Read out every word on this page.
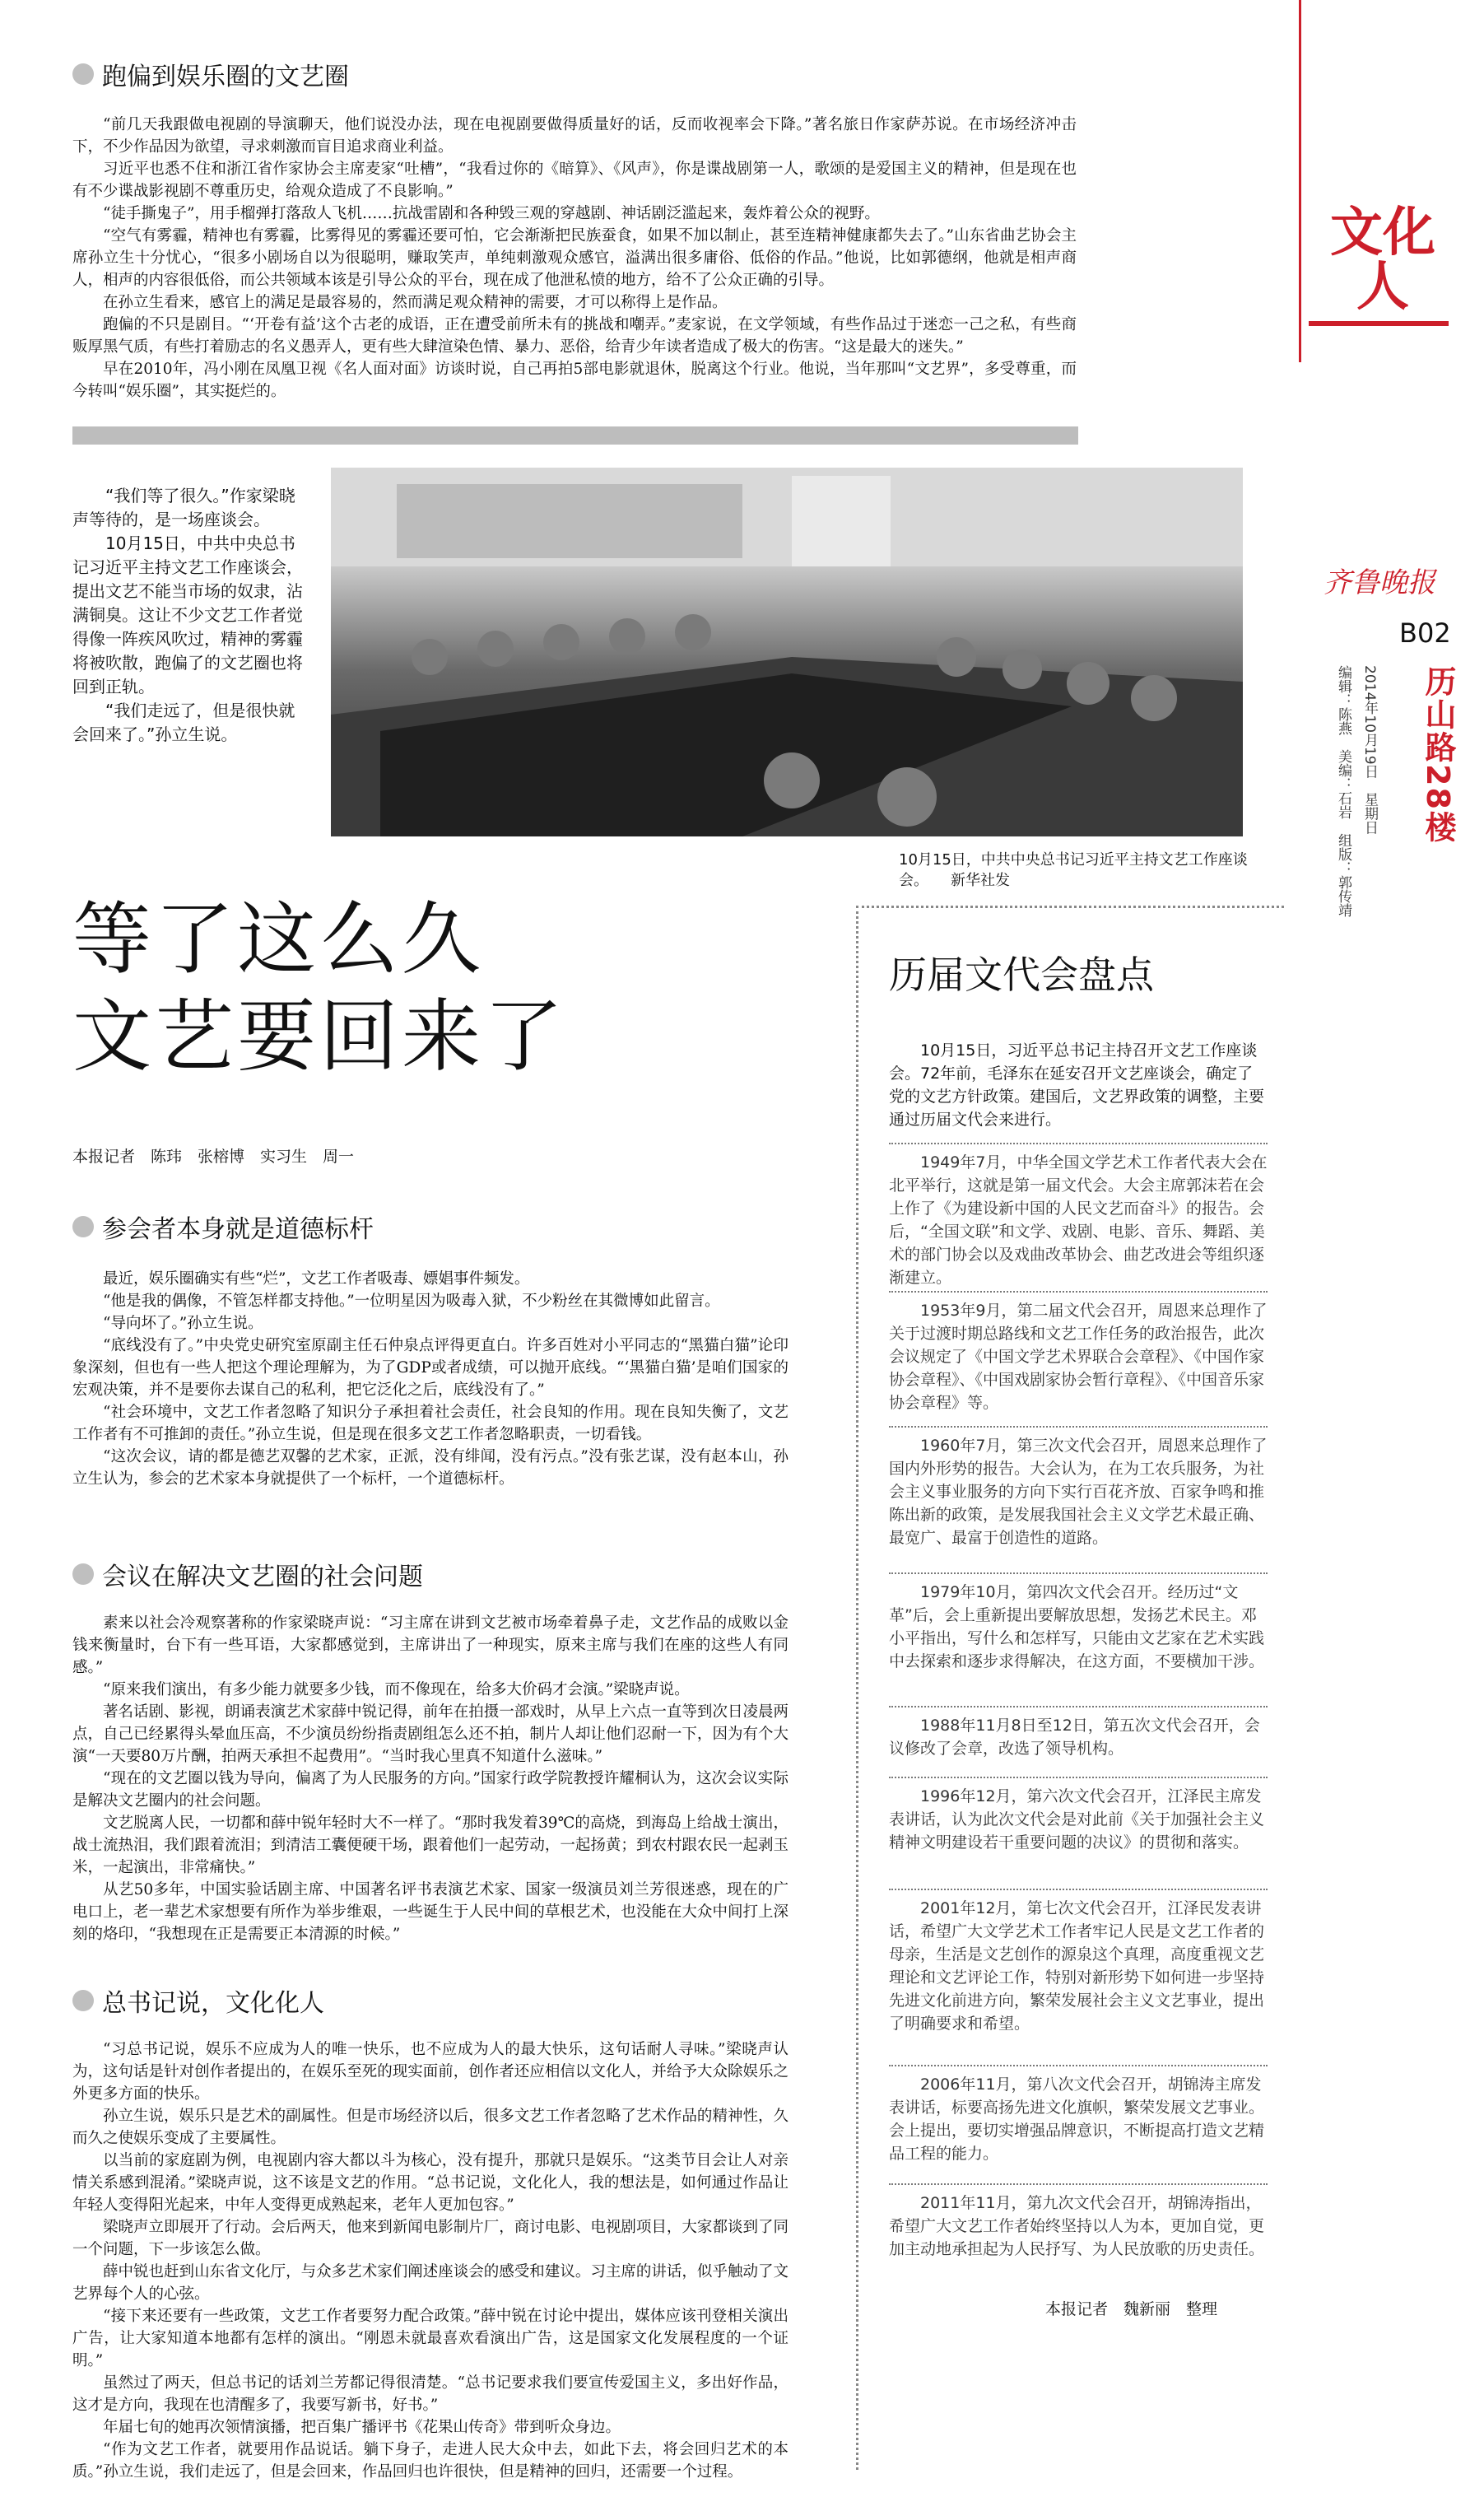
跑偏到娱乐圈的文艺圈

“前几天我跟做电视剧的导演聊天，他们说没办法，现在电视剧要做得质量好的话，反而收视率会下降。”著名旅日作家萨苏说。在市场经济冲击下，不少作品因为欲望，寻求刺激而盲目追求商业利益。

习近平也悉不住和浙江省作家协会主席麦家“吐槽”，“我看过你的《暗算》、《风声》，你是谍战剧第一人，歌颂的是爱国主义的精神，但是现在也有不少谍战影视剧不尊重历史，给观众造成了不良影响。”

“徒手撕鬼子”，用手榴弹打落敌人飞机……抗战雷剧和各种毁三观的穿越剧、神话剧泛滥起来，轰炸着公众的视野。

“空气有雾霾，精神也有雾霾，比雾得见的雾霾还要可怕，它会渐渐把民族蚕食，如果不加以制止，甚至连精神健康都失去了。”山东省曲艺协会主席孙立生十分忧心，“很多小剧场自以为很聪明，赚取笑声，单纯刺激观众感官，溢满出很多庸俗、低俗的作品。”他说，比如郭德纲，他就是相声商人，相声的内容很低俗，而公共领域本该是引导公众的平台，现在成了他泄私愤的地方，给不了公众正确的引导。

在孙立生看来，感官上的满足是最容易的，然而满足观众精神的需要，才可以称得上是作品。

跑偏的不只是剧目。“‘开卷有益’这个古老的成语，正在遭受前所未有的挑战和嘲弄。”麦家说，在文学领域，有些作品过于迷恋一己之私，有些商贩厚黑气质，有些打着励志的名义愚弄人，更有些大肆渲染色情、暴力、恶俗，给青少年读者造成了极大的伤害。“这是最大的迷失。”

早在2010年，冯小刚在凤凰卫视《名人面对面》访谈时说，自己再拍5部电影就退休，脱离这个行业。他说，当年那叫“文艺界”，多受尊重，而今转叫“娱乐圈”，其实挺烂的。

“我们等了很久。”作家梁晓声等待的，是一场座谈会。

10月15日，中共中央总书记习近平主持文艺工作座谈会，提出文艺不能当市场的奴隶，沾满铜臭。这让不少文艺工作者觉得像一阵疾风吹过，精神的雾霾将被吹散，跑偏了的文艺圈也将回到正轨。

“我们走远了，但是很快就会回来了。”孙立生说。

10月15日，中共中央总书记习近平主持文艺工作座谈会。　　新华社发
等了这么久
文艺要回来了
本报记者　陈玮　张榕博　实习生　周一
参会者本身就是道德标杆

最近，娱乐圈确实有些“烂”，文艺工作者吸毒、嫖娼事件频发。

“他是我的偶像，不管怎样都支持他。”一位明星因为吸毒入狱，不少粉丝在其微博如此留言。

“导向坏了。”孙立生说。

“底线没有了。”中央党史研究室原副主任石仲泉点评得更直白。许多百姓对小平同志的“黑猫白猫”论印象深刻，但也有一些人把这个理论理解为，为了GDP或者成绩，可以抛开底线。“‘黑猫白猫’是咱们国家的宏观决策，并不是要你去谋自己的私利，把它泛化之后，底线没有了。”

“社会环境中，文艺工作者忽略了知识分子承担着社会责任，社会良知的作用。现在良知失衡了，文艺工作者有不可推卸的责任。”孙立生说，但是现在很多文艺工作者忽略职责，一切看钱。

“这次会议，请的都是德艺双馨的艺术家，正派，没有绯闻，没有污点。”没有张艺谋，没有赵本山，孙立生认为，参会的艺术家本身就提供了一个标杆，一个道德标杆。

会议在解决文艺圈的社会问题

素来以社会冷观察著称的作家梁晓声说：“习主席在讲到文艺被市场牵着鼻子走，文艺作品的成败以金钱来衡量时，台下有一些耳语，大家都感觉到，主席讲出了一种现实，原来主席与我们在座的这些人有同感。”

“原来我们演出，有多少能力就要多少钱，而不像现在，给多大价码才会演。”梁晓声说。

著名话剧、影视，朗诵表演艺术家薛中锐记得，前年在拍摄一部戏时，从早上六点一直等到次日凌晨两点，自己已经累得头晕血压高，不少演员纷纷指责剧组怎么还不拍，制片人却让他们忍耐一下，因为有个大演“一天要80万片酬，拍两天承担不起费用”。“当时我心里真不知道什么滋味。”

“现在的文艺圈以钱为导向，偏离了为人民服务的方向。”国家行政学院教授许耀桐认为，这次会议实际是解决文艺圈内的社会问题。

文艺脱离人民，一切都和薛中锐年轻时大不一样了。“那时我发着39℃的高烧，到海岛上给战士演出，战士流热泪，我们跟着流泪；到清洁工囊便硬干场，跟着他们一起劳动，一起扬黄；到农村跟农民一起剥玉米，一起演出，非常痛快。”

从艺50多年，中国实验话剧主席、中国著名评书表演艺术家、国家一级演员刘兰芳很迷惑，现在的广电口上，老一辈艺术家想要有所作为举步维艰，一些诞生于人民中间的草根艺术，也没能在大众中间打上深刻的烙印，“我想现在正是需要正本清源的时候。”

总书记说，文化化人

“习总书记说，娱乐不应成为人的唯一快乐，也不应成为人的最大快乐，这句话耐人寻味。”梁晓声认为，这句话是针对创作者提出的，在娱乐至死的现实面前，创作者还应相信以文化人，并给予大众除娱乐之外更多方面的快乐。

孙立生说，娱乐只是艺术的副属性。但是市场经济以后，很多文艺工作者忽略了艺术作品的精神性，久而久之使娱乐变成了主要属性。

以当前的家庭剧为例，电视剧内容大都以斗为核心，没有提升，那就只是娱乐。“这类节目会让人对亲情关系感到混淆。”梁晓声说，这不该是文艺的作用。“总书记说，文化化人，我的想法是，如何通过作品让年轻人变得阳光起来，中年人变得更成熟起来，老年人更加包容。”

梁晓声立即展开了行动。会后两天，他来到新闻电影制片厂，商讨电影、电视剧项目，大家都谈到了同一个问题，下一步该怎么做。

薛中锐也赶到山东省文化厅，与众多艺术家们阐述座谈会的感受和建议。习主席的讲话，似乎触动了文艺界每个人的心弦。

“接下来还要有一些政策，文艺工作者要努力配合政策。”薛中锐在讨论中提出，媒体应该刊登相关演出广告，让大家知道本地都有怎样的演出。“刚恩未就最喜欢看演出广告，这是国家文化发展程度的一个证明。”

虽然过了两天，但总书记的话刘兰芳都记得很清楚。“总书记要求我们要宣传爱国主义，多出好作品，这才是方向，我现在也清醒多了，我要写新书，好书。”

年届七旬的她再次领情演播，把百集广播评书《花果山传奇》带到听众身边。

“作为文艺工作者，就要用作品说话。躺下身子，走进人民大众中去，如此下去，将会回归艺术的本质。”孙立生说，我们走远了，但是会回来，作品回归也许很快，但是精神的回归，还需要一个过程。

历届文代会盘点

10月15日，习近平总书记主持召开文艺工作座谈会。72年前，毛泽东在延安召开文艺座谈会，确定了党的文艺方针政策。建国后，文艺界政策的调整，主要通过历届文代会来进行。

1949年7月，中华全国文学艺术工作者代表大会在北平举行，这就是第一届文代会。大会主席郭沫若在会上作了《为建设新中国的人民文艺而奋斗》的报告。会后，“全国文联”和文学、戏剧、电影、音乐、舞蹈、美术的部门协会以及戏曲改革协会、曲艺改进会等组织逐渐建立。

1953年9月，第二届文代会召开，周恩来总理作了关于过渡时期总路线和文艺工作任务的政治报告，此次会议规定了《中国文学艺术界联合会章程》、《中国作家协会章程》、《中国戏剧家协会暂行章程》、《中国音乐家协会章程》等。

1960年7月，第三次文代会召开，周恩来总理作了国内外形势的报告。大会认为，在为工农兵服务，为社会主义事业服务的方向下实行百花齐放、百家争鸣和推陈出新的政策，是发展我国社会主义文学艺术最正确、最宽广、最富于创造性的道路。

1979年10月，第四次文代会召开。经历过“文革”后，会上重新提出要解放思想，发扬艺术民主。邓小平指出，写什么和怎样写，只能由文艺家在艺术实践中去探索和逐步求得解决，在这方面，不要横加干涉。

1988年11月8日至12日，第五次文代会召开，会议修改了会章，改选了领导机构。

1996年12月，第六次文代会召开，江泽民主席发表讲话，认为此次文代会是对此前《关于加强社会主义精神文明建设若干重要问题的决议》的贯彻和落实。

2001年12月，第七次文代会召开，江泽民发表讲话，希望广大文学艺术工作者牢记人民是文艺工作者的母亲，生活是文艺创作的源泉这个真理，高度重视文艺理论和文艺评论工作，特别对新形势下如何进一步坚持先进文化前进方向，繁荣发展社会主义文艺事业，提出了明确要求和希望。

2006年11月，第八次文代会召开，胡锦涛主席发表讲话，标要高扬先进文化旗帜，繁荣发展文艺事业。会上提出，要切实增强品牌意识，不断提高打造文艺精品工程的能力。

2011年11月，第九次文代会召开，胡锦涛指出，希望广大文艺工作者始终坚持以人为本，更加自觉，更加主动地承担起为人民抒写、为人民放歌的历史责任。

本报记者　魏新丽　整理
文化人
齐鲁晚报
B02
历山路28楼
2014年10月19日　星期日
编辑：陈燕　美编：石岩　组版：郭传靖
